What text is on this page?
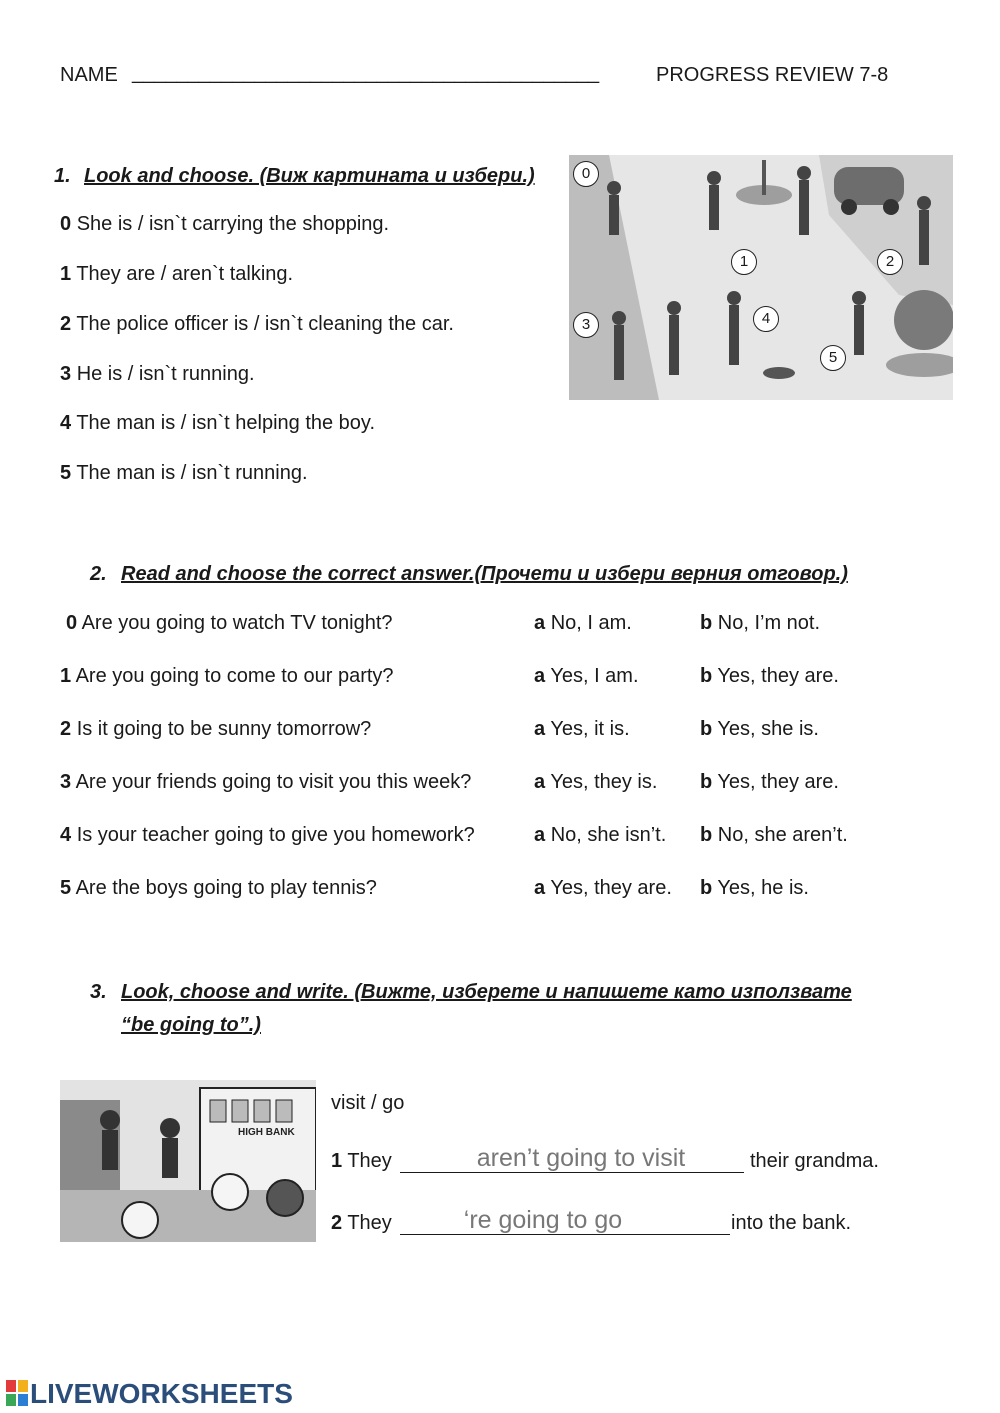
NAME __________________________________________	PROGRESS REVIEW 7-8
1. Look and choose. (Виж картината и избери.)
0 She is / isn`t carrying the shopping.
1 They are / aren`t talking.
2 The police officer is / isn`t cleaning the car.
3 He is / isn`t running.
4 The man is / isn`t helping the boy.
5 The man is / isn`t running.
0
1	2
3	4
5
2. Read and choose the correct answer.(Прочети и избери верния отговор.)
0 Are you going to watch TV tonight?	a No, I am.	b No, I’m not.
1 Are you going to come to our party?	a Yes, I am.	b Yes, they are.
2 Is it going to be sunny tomorrow?	a Yes, it is.	b Yes, she is.
3 Are your friends going to visit you this week?	a Yes, they is. b Yes, they are.
4 Is your teacher going to give you homework?	a No, she isn’t. b No, she aren’t.
5 Are the boys going to play tennis?	a Yes, they are. b Yes, he is.
3. Look, choose and write. (Вижте, изберете и напишете като използвате
“be going to”.)
HIGH BANK
visit / go
1 They
aren’t going to visit	their grandma.
2 They
‘re going to go	into the bank.
LIVEWORKSHEETS
